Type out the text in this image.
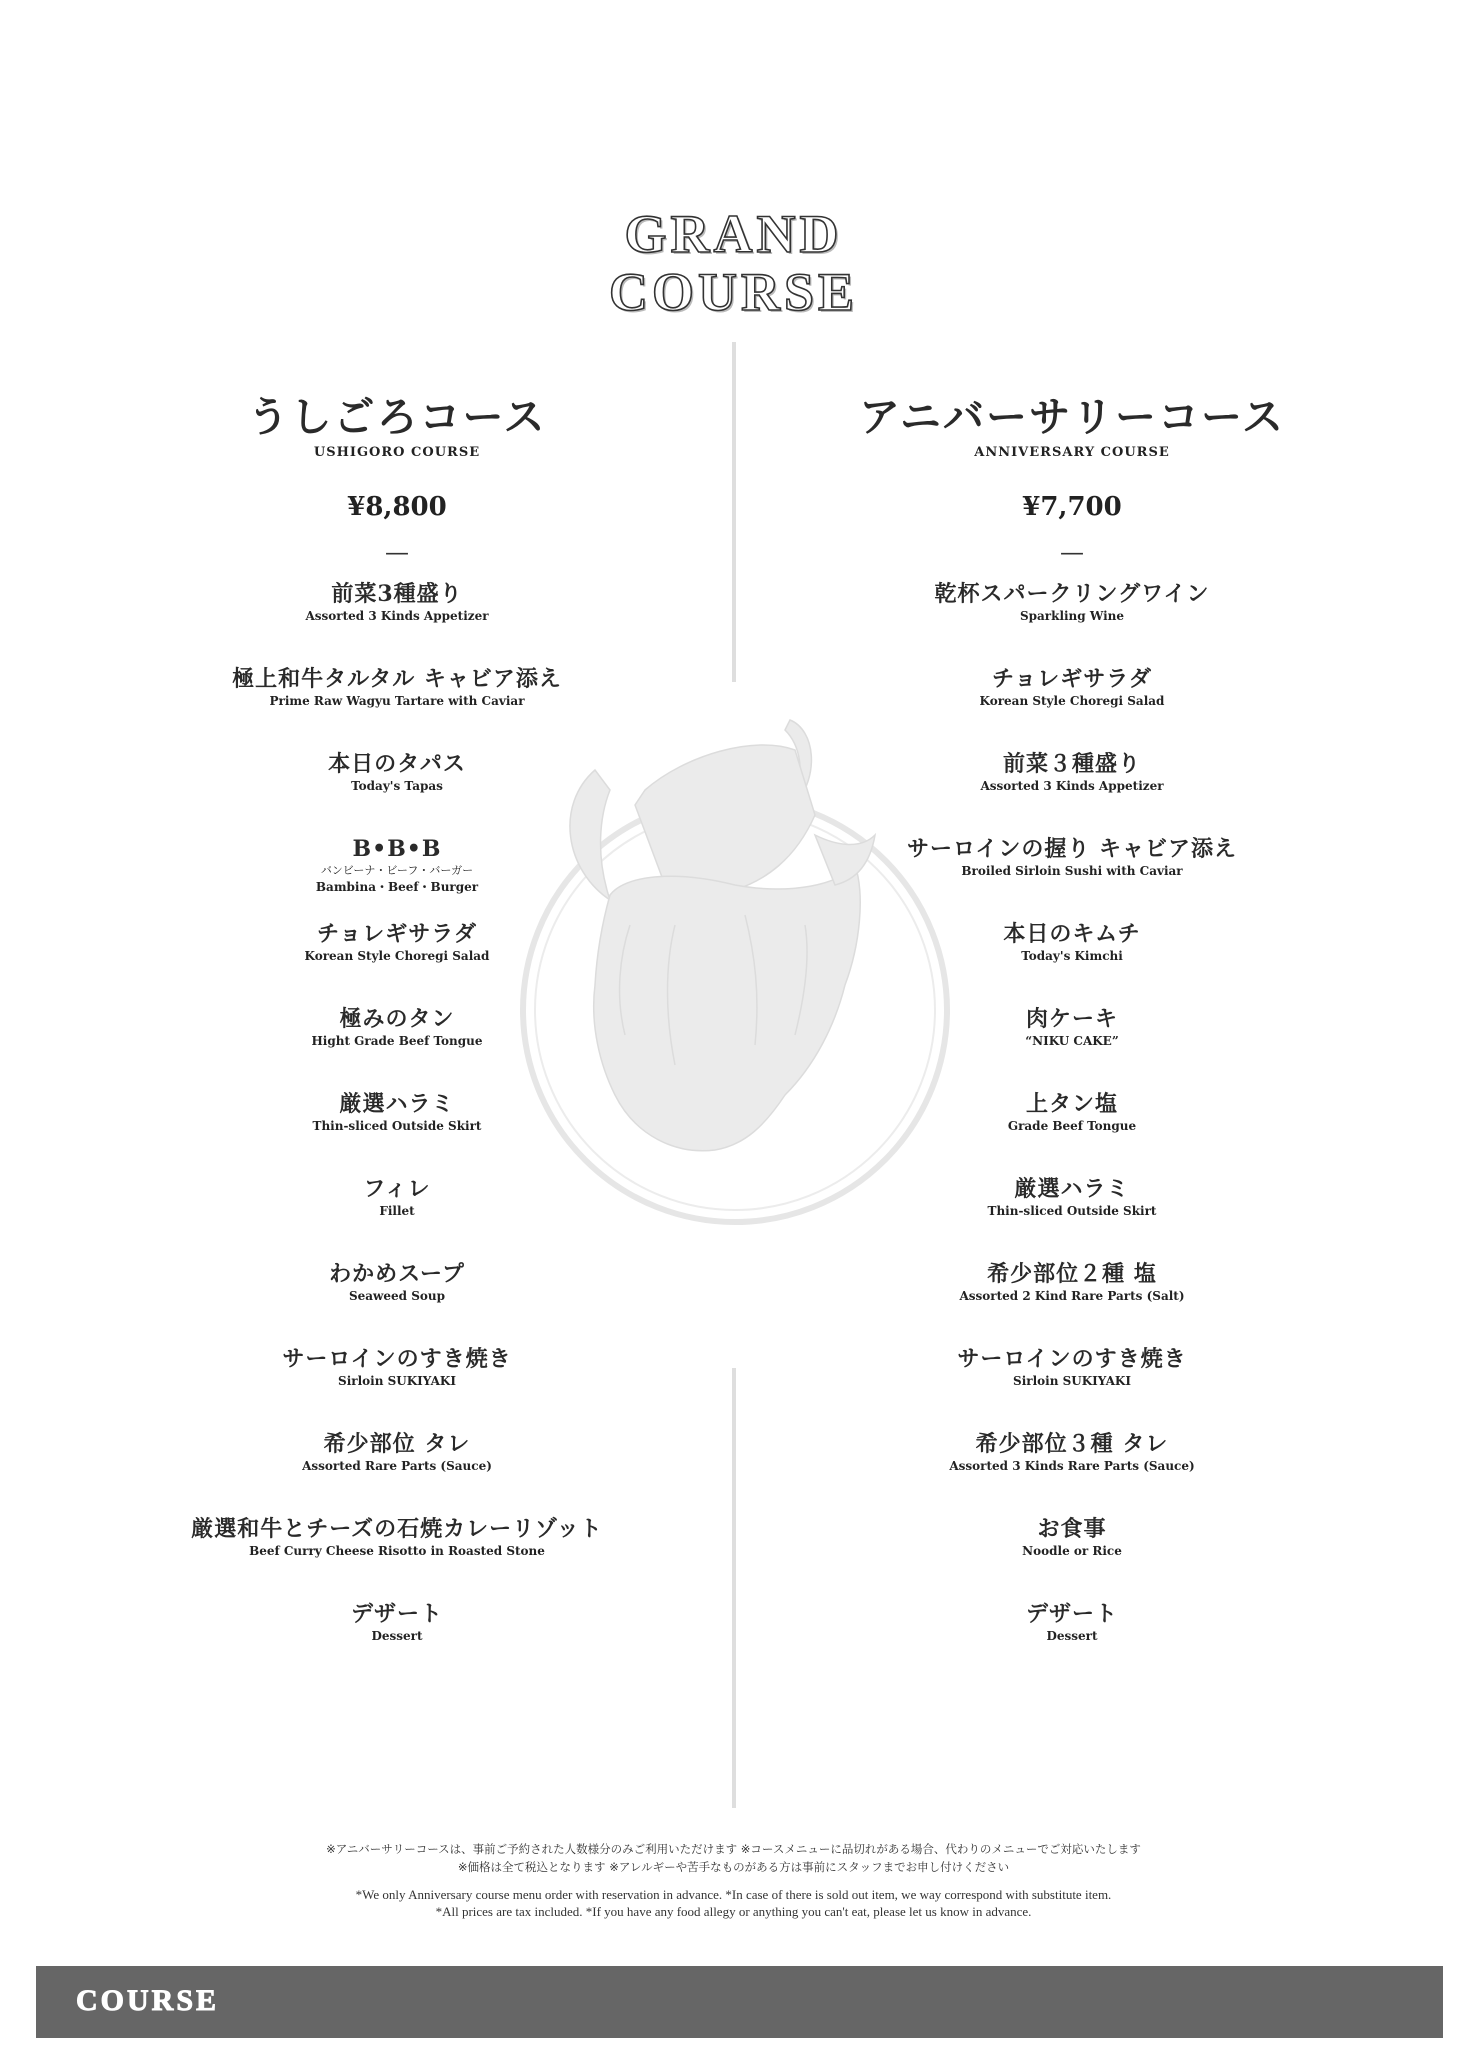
GRAND
COURSE
うしごろコース
USHIGORO COURSE
¥8,800
—
前菜3種盛り
Assorted 3 Kinds Appetizer
極上和牛タルタル キャビア添え
Prime Raw Wagyu Tartare with Caviar
本日のタパス
Today's Tapas
B•B•B
バンビーナ・ビーフ・バーガー
Bambina・Beef・Burger
チョレギサラダ
Korean Style Choregi Salad
極みのタン
Hight Grade Beef Tongue
厳選ハラミ
Thin-sliced Outside Skirt
フィレ
Fillet
わかめスープ
Seaweed Soup
サーロインのすき焼き
Sirloin SUKIYAKI
希少部位 タレ
Assorted Rare Parts (Sauce)
厳選和牛とチーズの石焼カレーリゾット
Beef Curry Cheese Risotto in Roasted Stone
デザート
Dessert
アニバーサリーコース
ANNIVERSARY COURSE
¥7,700
—
乾杯スパークリングワイン
Sparkling Wine
チョレギサラダ
Korean Style Choregi Salad
前菜３種盛り
Assorted 3 Kinds Appetizer
サーロインの握り キャビア添え
Broiled Sirloin Sushi with Caviar
本日のキムチ
Today's Kimchi
肉ケーキ
“NIKU CAKE”
上タン塩
Grade Beef Tongue
厳選ハラミ
Thin-sliced Outside Skirt
希少部位２種 塩
Assorted 2 Kind Rare Parts (Salt)
サーロインのすき焼き
Sirloin SUKIYAKI
希少部位３種 タレ
Assorted 3 Kinds Rare Parts (Sauce)
お食事
Noodle or Rice
デザート
Dessert
※アニバーサリーコースは、事前ご予約された人数様分のみご利用いただけます ※コースメニューに品切れがある場合、代わりのメニューでご対応いたします
※価格は全て税込となります ※アレルギーや苦手なものがある方は事前にスタッフまでお申し付けください
*We only Anniversary course menu order with reservation in advance. *In case of there is sold out item, we way correspond with substitute item.
*All prices are tax included. *If you have any food allegy or anything you can't eat, please let us know in advance.
COURSE
